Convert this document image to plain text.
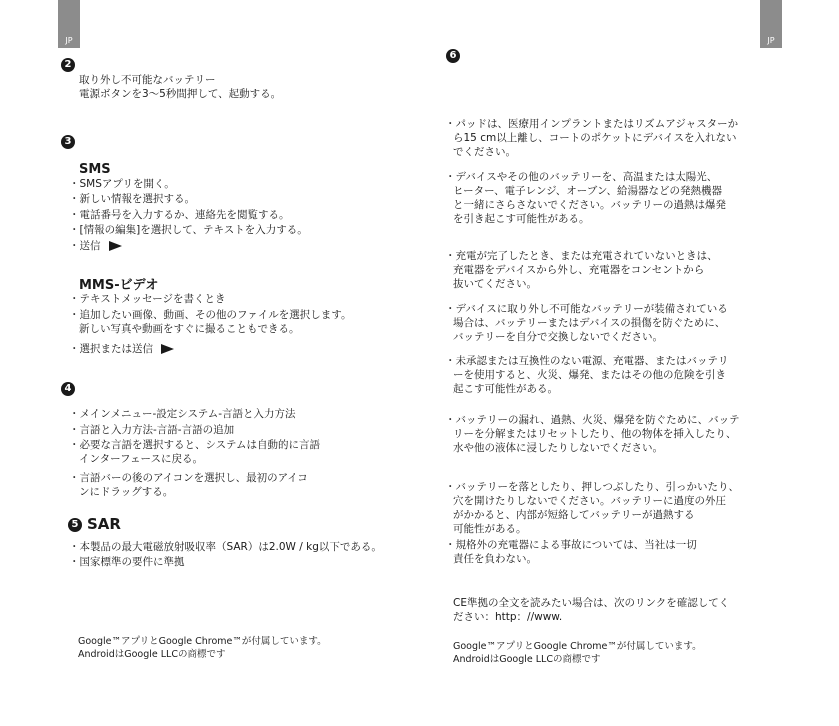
JP	JP
2
取り外し不可能なバッテリー
電源ボタンを3～5秒間押して、起動する。
3
SMS
・SMSアプリを開く。
・新しい情報を選択する。
・電話番号を入力するか、連絡先を閲覧する。
・[情報の編集]を選択して、テキストを入力する。
・送信
MMS-ビデオ
・テキストメッセージを書くとき
・追加したい画像、動画、その他のファイルを選択します。
新しい写真や動画をすぐに撮ることもできる。
・選択または送信
4
・メインメニュー-設定システム-言語と入力方法
・言語と入力方法-言語-言語の追加
・必要な言語を選択すると、システムは自動的に言語
インターフェースに戻る。
・言語バーの後のアイコンを選択し、最初のアイコ
ンにドラッグする。
5 SAR
・本製品の最大電磁放射吸収率（SAR）は2.0W / kg以下である。
・国家標準の要件に準拠
Google™アプリとGoogle Chrome™が付属しています。
AndroidはGoogle LLCの商標です
6
・パッドは、医療用インプラントまたはリズムアジャスターか
ら15 cm以上離し、コートのポケットにデバイスを入れない
でください。
・デバイスやその他のバッテリーを、高温または太陽光、
ヒーター、電子レンジ、オーブン、給湯器などの発熱機器
と一緒にさらさないでください。バッテリーの過熱は爆発
を引き起こす可能性がある。
・充電が完了したとき、または充電されていないときは、
充電器をデバイスから外し、充電器をコンセントから
抜いてください。
・デバイスに取り外し不可能なバッテリーが装備されている
場合は、バッテリーまたはデバイスの損傷を防ぐために、
バッテリーを自分で交換しないでください。
・未承認または互換性のない電源、充電器、またはバッテリ
ーを使用すると、火災、爆発、またはその他の危険を引き
起こす可能性がある。
・バッテリーの漏れ、過熱、火災、爆発を防ぐために、バッテ
リーを分解またはリセットしたり、他の物体を挿入したり、
水や他の液体に浸したりしないでください。
・バッテリーを落としたり、押しつぶしたり、引っかいたり、
穴を開けたりしないでください。バッテリーに過度の外圧
がかかると、内部が短絡してバッテリーが過熱する
可能性がある。
・規格外の充電器による事故については、当社は一切
責任を負わない。
CE準拠の全文を読みたい場合は、次のリンクを確認してく
ださい：http：//www.
Google™アプリとGoogle Chrome™が付属しています。
AndroidはGoogle LLCの商標です
